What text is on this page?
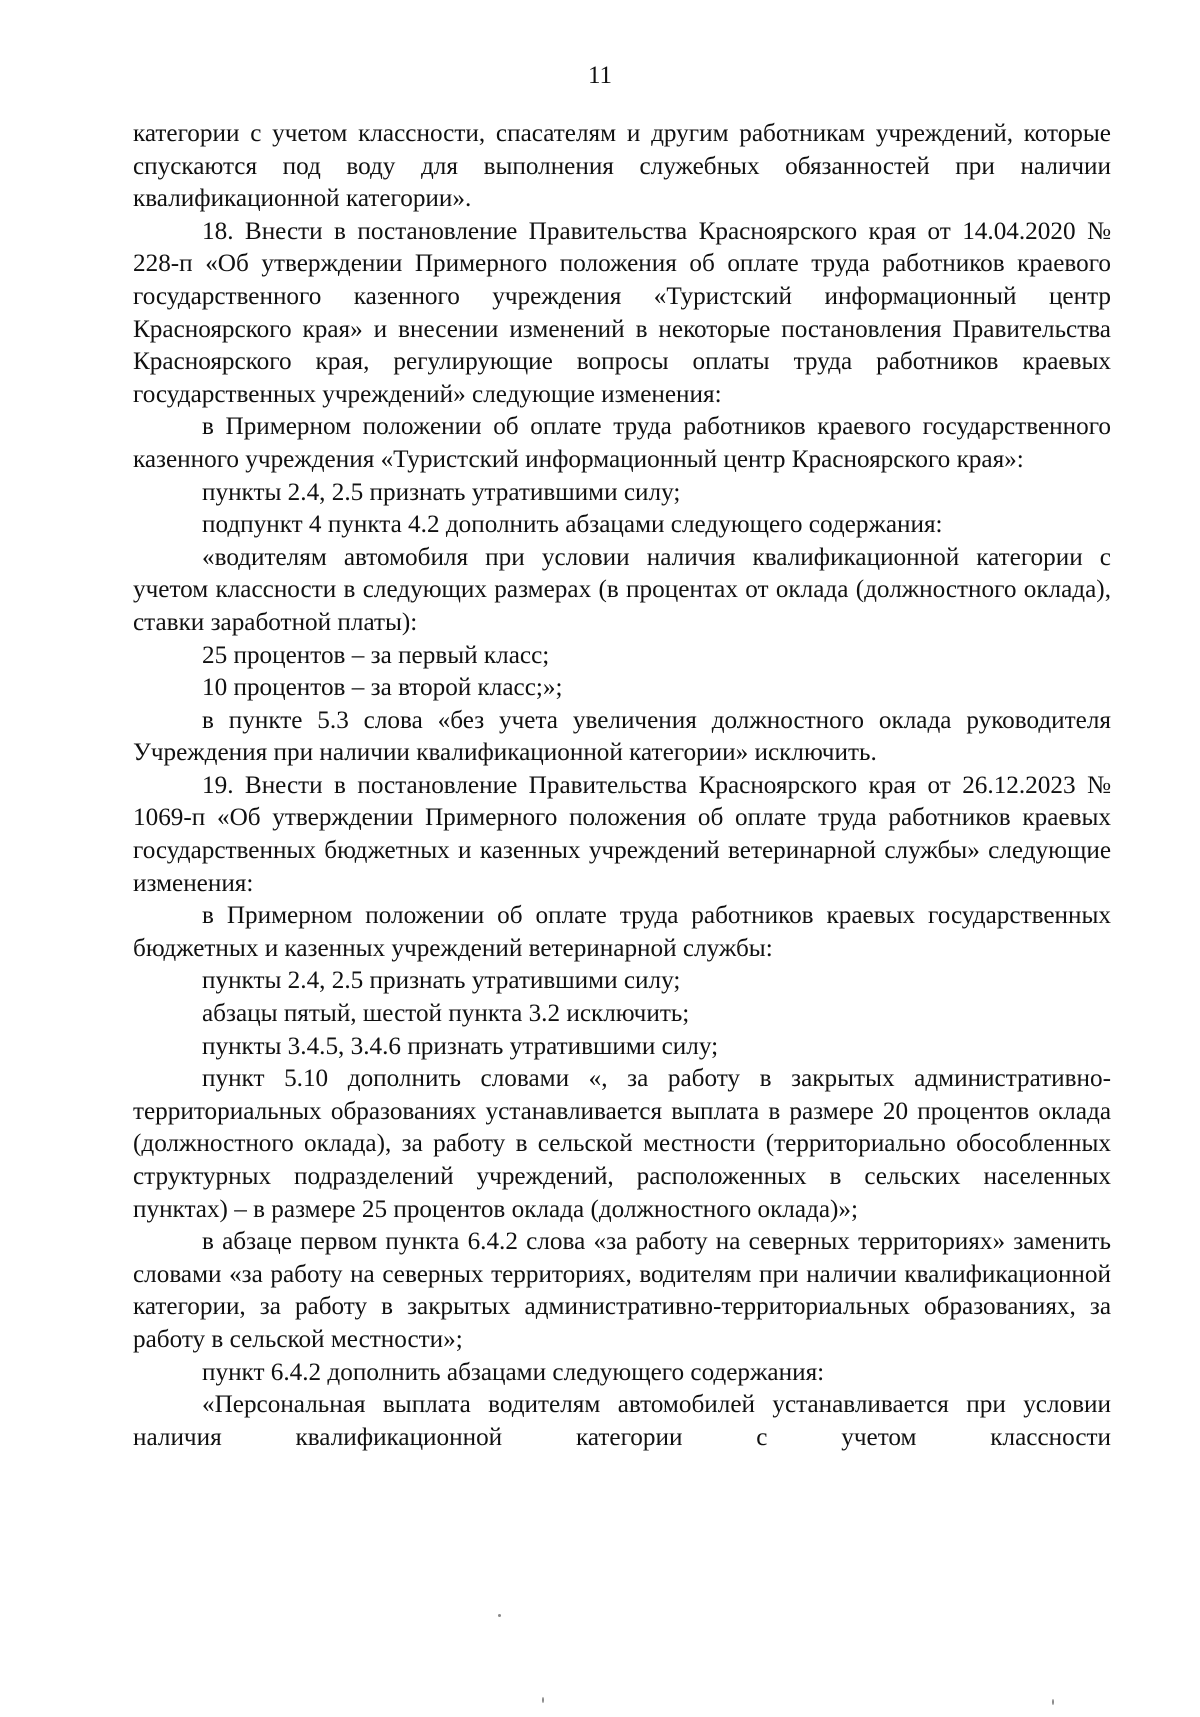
11

категории с учетом классности, спасателям и другим работникам учреждений, которые спускаются под воду для выполнения служебных обязанностей при наличии квалификационной категории».

18. Внести в постановление Правительства Красноярского края от 14.04.2020 № 228-п «Об утверждении Примерного положения об оплате труда работников краевого государственного казенного учреждения «Туристский информационный центр Красноярского края» и внесении изменений в некоторые постановления Правительства Красноярского края, регулирующие вопросы оплаты труда работников краевых государственных учреждений» следующие изменения:

в Примерном положении об оплате труда работников краевого государственного казенного учреждения «Туристский информационный центр Красноярского края»:

пункты 2.4, 2.5 признать утратившими силу;

подпункт 4 пункта 4.2 дополнить абзацами следующего содержания:

«водителям автомобиля при условии наличия квалификационной категории с учетом классности в следующих размерах (в процентах от оклада (должностного оклада), ставки заработной платы):

25 процентов – за первый класс;

10 процентов – за второй класс;»;

в пункте 5.3 слова «без учета увеличения должностного оклада руководителя Учреждения при наличии квалификационной категории» исключить.

19. Внести в постановление Правительства Красноярского края от 26.12.2023 № 1069-п «Об утверждении Примерного положения об оплате труда работников краевых государственных бюджетных и казенных учреждений ветеринарной службы» следующие изменения:

в Примерном положении об оплате труда работников краевых государственных бюджетных и казенных учреждений ветеринарной службы:

пункты 2.4, 2.5 признать утратившими силу;

абзацы пятый, шестой пункта 3.2 исключить;

пункты 3.4.5, 3.4.6 признать утратившими силу;

пункт 5.10 дополнить словами «, за работу в закрытых административно-территориальных образованиях устанавливается выплата в размере 20 процентов оклада (должностного оклада), за работу в сельской местности (территориально обособленных структурных подразделений учреждений, расположенных в сельских населенных пунктах) – в размере 25 процентов оклада (должностного оклада)»;

в абзаце первом пункта 6.4.2 слова «за работу на северных территориях» заменить словами «за работу на северных территориях, водителям при наличии квалификационной категории, за работу в закрытых административно-территориальных образованиях, за работу в сельской местности»;

пункт 6.4.2 дополнить абзацами следующего содержания:

«Персональная выплата водителям автомобилей устанавливается при условии наличия квалификационной категории с учетом классности
